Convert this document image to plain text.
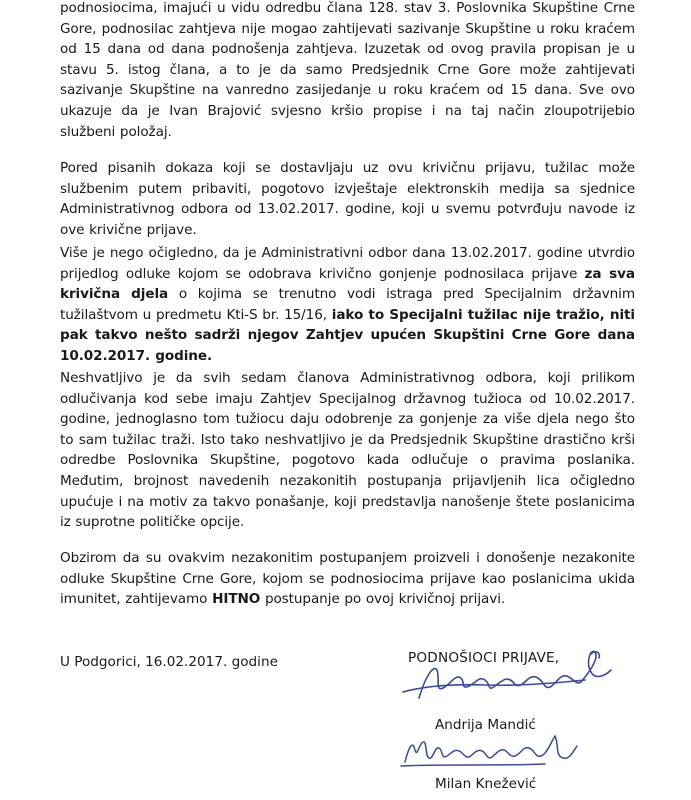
podnosiocima, imajući u vidu odredbu člana 128. stav 3. Poslovnika Skupštine Crne Gore, podnosilac zahtjeva nije mogao zahtijevati sazivanje Skupštine u roku kraćem od 15 dana od dana podnošenja zahtjeva. Izuzetak od ovog pravila propisan je u stavu 5. istog člana, a to je da samo Predsjednik Crne Gore može zahtijevati sazivanje Skupštine na vanredno zasijedanje u roku kraćem od 15 dana. Sve ovo ukazuje da je Ivan Brajović svjesno kršio propise i na taj način zloupotrijebio službeni položaj.
Pored pisanih dokaza koji se dostavljaju uz ovu krivičnu prijavu, tužilac može službenim putem pribaviti, pogotovo izvještaje elektronskih medija sa sjednice Administrativnog odbora od 13.02.2017. godine, koji u svemu potvrđuju navode iz ove krivične prijave.
Više je nego očigledno, da je Administrativni odbor dana 13.02.2017. godine utvrdio prijedlog odluke kojom se odobrava krivično gonjenje podnosilaca prijave za sva krivična djela o kojima se trenutno vodi istraga pred Specijalnim državnim tužilaštvom u predmetu Kti-S br. 15/16, iako to Specijalni tužilac nije tražio, niti pak takvo nešto sadrži njegov Zahtjev upućen Skupštini Crne Gore dana 10.02.2017. godine.
Neshvatljivo je da svih sedam članova Administrativnog odbora, koji prilikom odlučivanja kod sebe imaju Zahtjev Specijalnog državnog tužioca od 10.02.2017. godine, jednoglasno tom tužiocu daju odobrenje za gonjenje za više djela nego što to sam tužilac traži. Isto tako neshvatljivo je da Predsjednik Skupštine drastično krši odredbe Poslovnika Skupštine, pogotovo kada odlučuje o pravima poslanika. Međutim, brojnost navedenih nezakonitih postupanja prijavljenih lica očigledno upućuje i na motiv za takvo ponašanje, koji predstavlja nanošenje štete poslanicima iz suprotne političke opcije.
Obzirom da su ovakvim nezakonitim postupanjem proizveli i donošenje nezakonite odluke Skupštine Crne Gore, kojom se podnosiocima prijave kao poslanicima ukida imunitet, zahtijevamo HITNO postupanje po ovoj krivičnoj prijavi.
U Podgorici, 16.02.2017. godine	PODNOŠIOCI PRIJAVE,
Andrija Mandić
Milan Knežević
